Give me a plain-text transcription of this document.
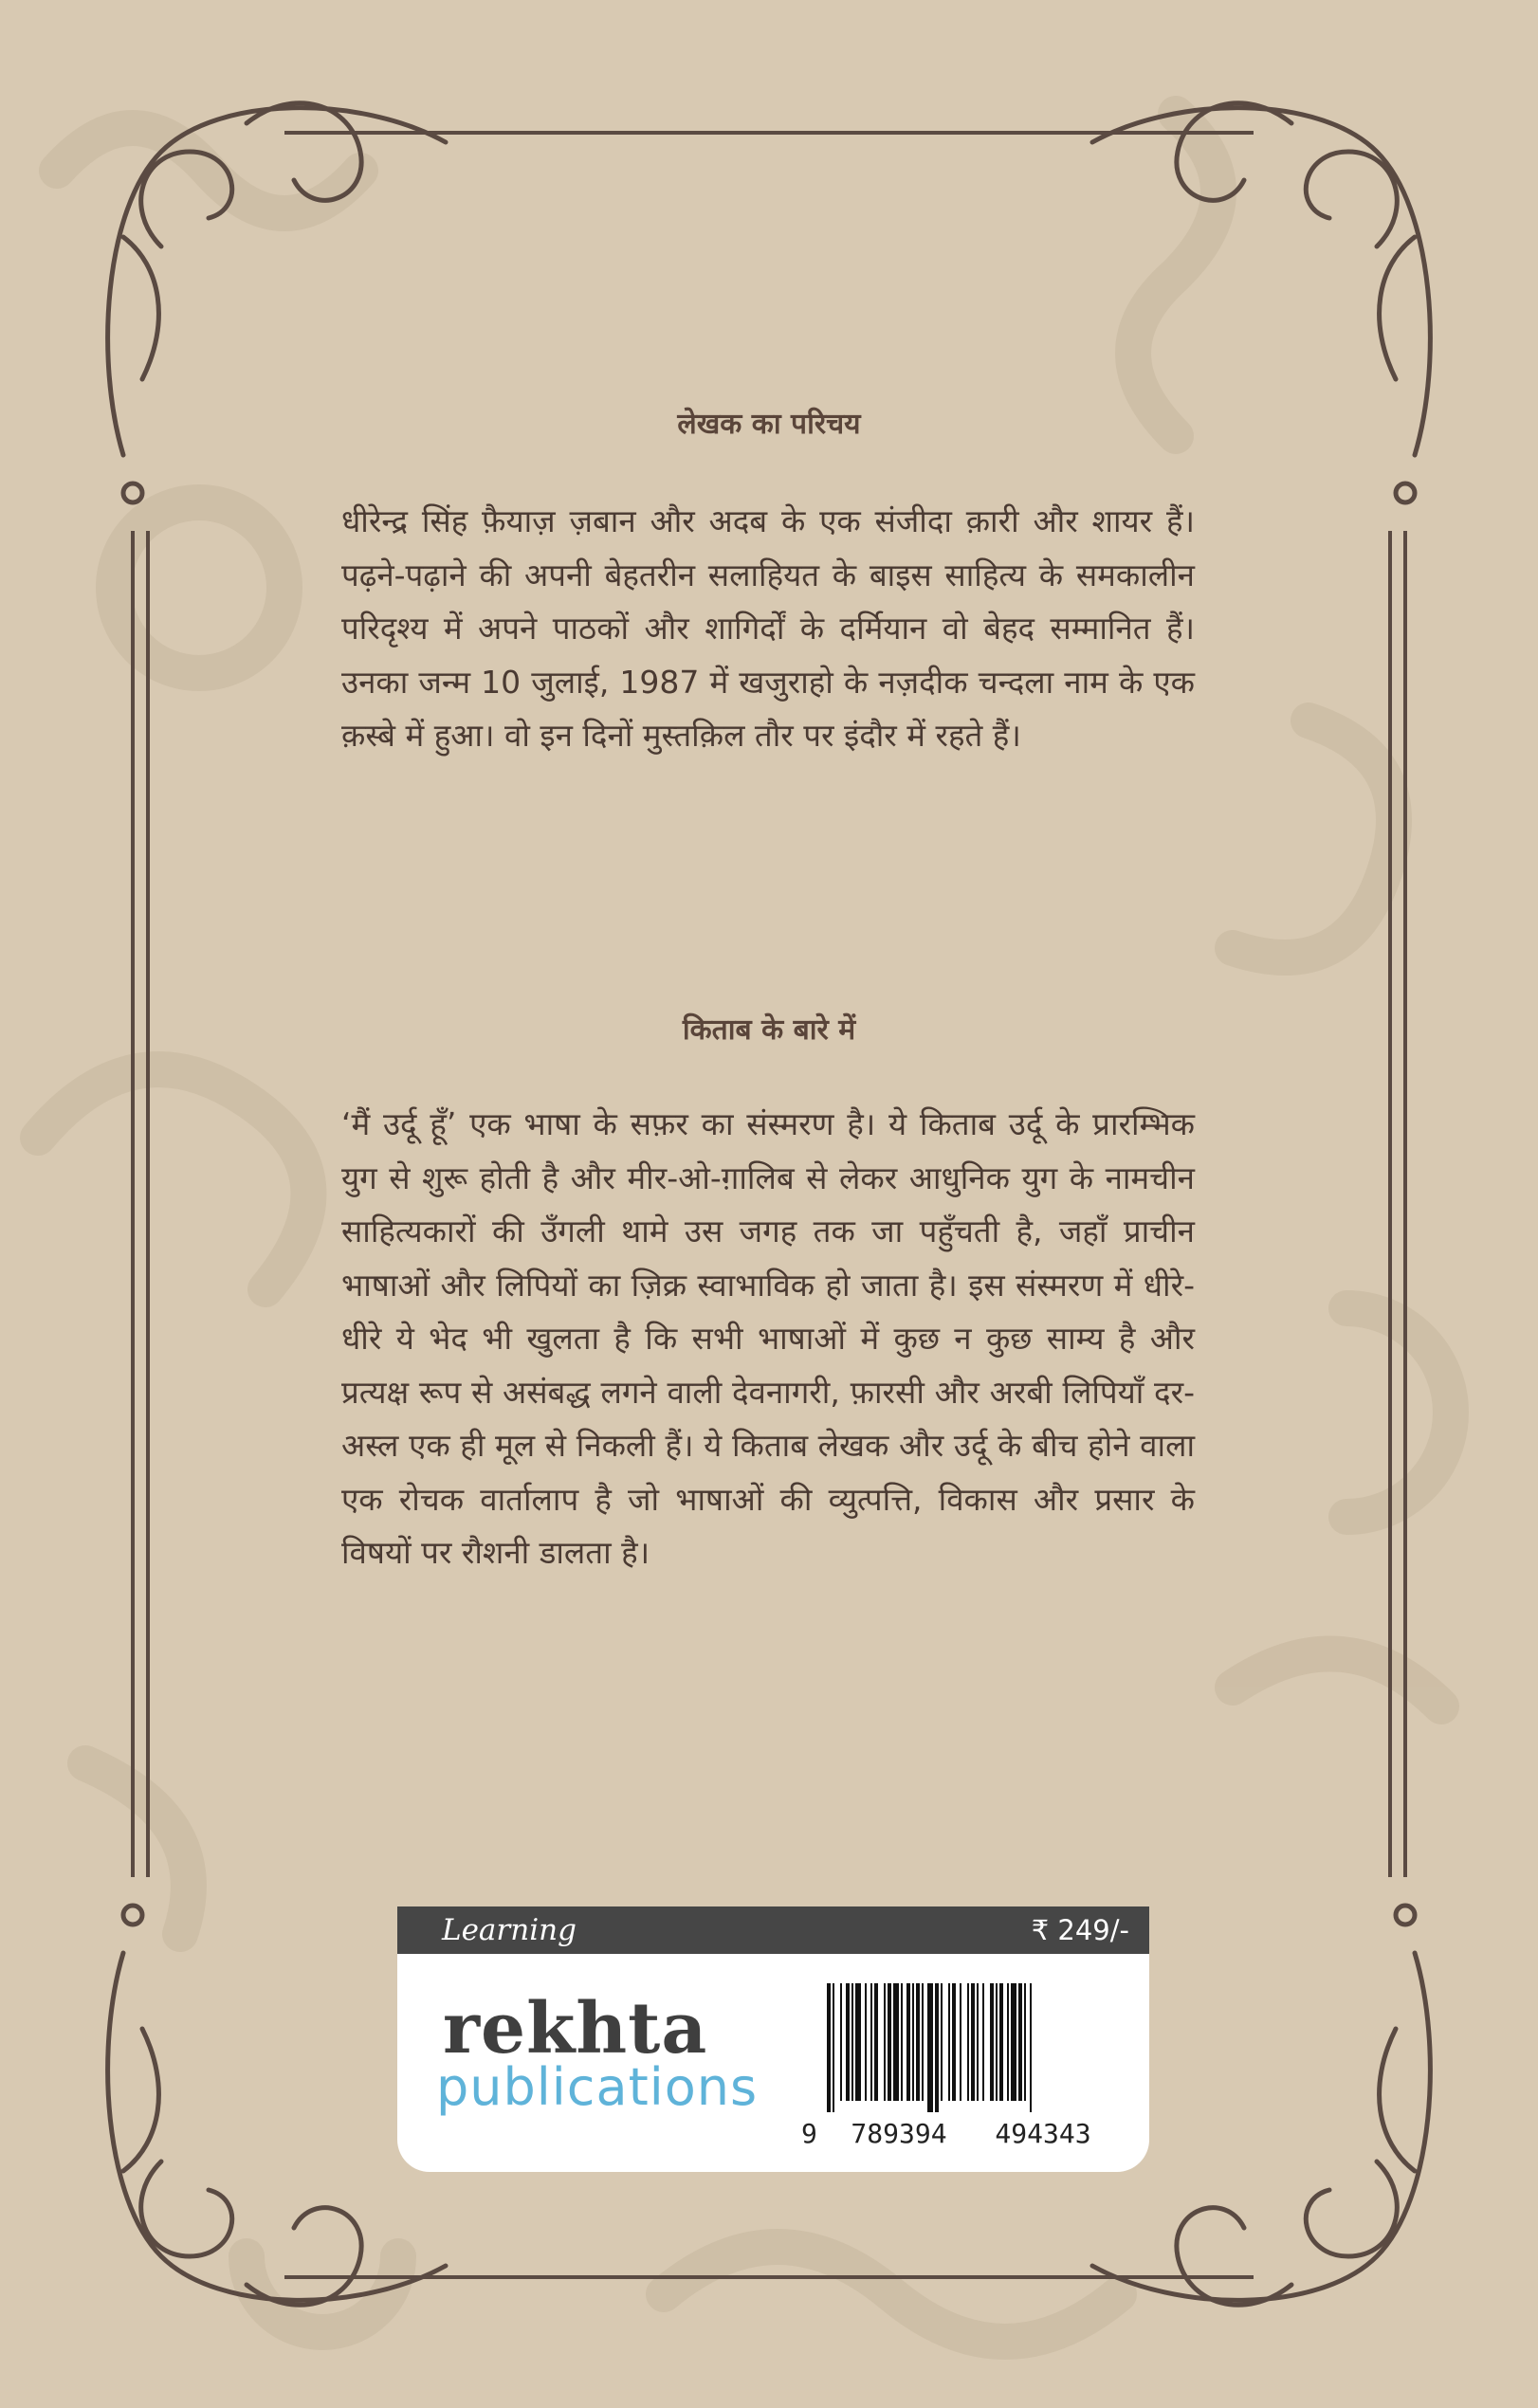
लेखक का परिचय
धीरेन्द्र सिंह फ़ैयाज़ ज़बान और अदब के एक संजीदा क़ारी और शायर हैं। पढ़ने-पढ़ाने की अपनी बेहतरीन सलाहियत के बाइस साहित्य के समकालीन परिदृश्य में अपने पाठकों और शागिर्दों के दर्मियान वो बेहद सम्मानित हैं। उनका जन्म 10 जुलाई, 1987 में खजुराहो के नज़दीक चन्दला नाम के एक क़स्बे में हुआ। वो इन दिनों मुस्तक़िल तौर पर इंदौर में रहते हैं।
किताब के बारे में
‘मैं उर्दू हूँ’ एक भाषा के सफ़र का संस्मरण है। ये किताब उर्दू के प्रारम्भिक युग से शुरू होती है और मीर-ओ-ग़ालिब से लेकर आधुनिक युग के नामचीन साहित्यकारों की उँगली थामे उस जगह तक जा पहुँचती है, जहाँ प्राचीन भाषाओं और लिपियों का ज़िक्र स्वाभाविक हो जाता है। इस संस्मरण में धीरे-धीरे ये भेद भी खुलता है कि सभी भाषाओं में कुछ न कुछ साम्य है और प्रत्यक्ष रूप से असंबद्ध लगने वाली देवनागरी, फ़ारसी और अरबी लिपियाँ दर-अस्ल एक ही मूल से निकली हैं। ये किताब लेखक और उर्दू के बीच होने वाला एक रोचक वार्तालाप है जो भाषाओं की व्युत्पत्ति, विकास और प्रसार के विषयों पर रौशनी डालता है।
Learning	₹ 249/-
rekhta
publications
9	789394	494343
